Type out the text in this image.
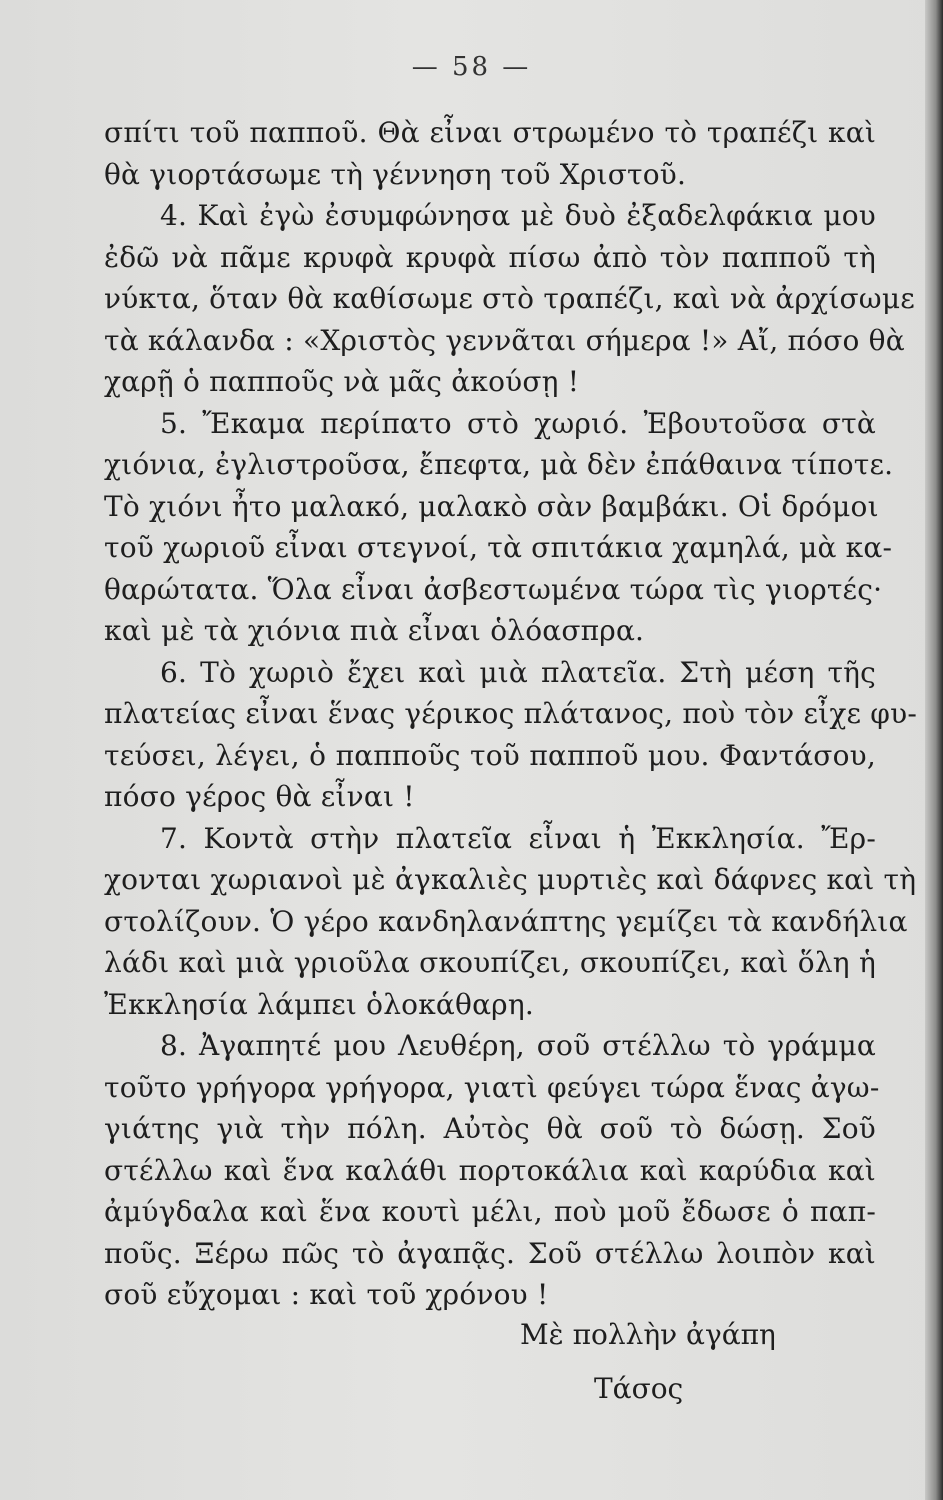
— 58 —
σπίτι τοῦ παπποῦ. Θὰ εἶναι στρωμένο τὸ τραπέζι καὶ
θὰ γιορτάσωμε τὴ γέννηση τοῦ Χριστοῦ.
4. Καὶ ἐγὼ ἐσυμφώνησα μὲ δυὸ ἐξαδελφάκια μου
ἐδῶ νὰ πᾶμε κρυφὰ κρυφὰ πίσω ἀπὸ τὸν παπποῦ τὴ
νύκτα, ὅταν θὰ καθίσωμε στὸ τραπέζι, καὶ νὰ ἀρχίσωμε
τὰ κάλανδα : «Χριστὸς γεννᾶται σήμερα !» Αἴ, πόσο θὰ
χαρῇ ὁ παπποῦς νὰ μᾶς ἀκούσῃ !
5. Ἔκαμα περίπατο στὸ χωριό. Ἐβουτοῦσα στὰ
χιόνια, ἐγλιστροῦσα, ἔπεφτα, μὰ δὲν ἐπάθαινα τίποτε.
Τὸ χιόνι ἦτο μαλακό, μαλακὸ σὰν βαμβάκι. Οἱ δρόμοι
τοῦ χωριοῦ εἶναι στεγνοί, τὰ σπιτάκια χαμηλά, μὰ κα-
θαρώτατα. Ὅλα εἶναι ἀσβεστωμένα τώρα τὶς γιορτές·
καὶ μὲ τὰ χιόνια πιὰ εἶναι ὁλόασπρα.
6. Τὸ χωριὸ ἔχει καὶ μιὰ πλατεῖα. Στὴ μέση τῆς
πλατείας εἶναι ἕνας γέρικος πλάτανος, ποὺ τὸν εἶχε φυ-
τεύσει, λέγει, ὁ παπποῦς τοῦ παπποῦ μου. Φαντάσου,
πόσο γέρος θὰ εἶναι !
7. Κοντὰ στὴν πλατεῖα εἶναι ἡ Ἐκκλησία. Ἔρ-
χονται χωριανοὶ μὲ ἀγκαλιὲς μυρτιὲς καὶ δάφνες καὶ τὴ
στολίζουν. Ὁ γέρο κανδηλανάπτης γεμίζει τὰ κανδήλια
λάδι καὶ μιὰ γριοῦλα σκουπίζει, σκουπίζει, καὶ ὅλη ἡ
Ἐκκλησία λάμπει ὁλοκάθαρη.
8. Ἀγαπητέ μου Λευθέρη, σοῦ στέλλω τὸ γράμμα
τοῦτο γρήγορα γρήγορα, γιατὶ φεύγει τώρα ἕνας ἀγω-
γιάτης γιὰ τὴν πόλη. Αὐτὸς θὰ σοῦ τὸ δώσῃ. Σοῦ
στέλλω καὶ ἕνα καλάθι πορτοκάλια καὶ καρύδια καὶ
ἀμύγδαλα καὶ ἕνα κουτὶ μέλι, ποὺ μοῦ ἔδωσε ὁ παπ-
ποῦς. Ξέρω πῶς τὸ ἀγαπᾷς. Σοῦ στέλλω λοιπὸν καὶ
σοῦ εὔχομαι : καὶ τοῦ χρόνου !
Μὲ πολλὴν ἀγάπη
Τάσος
